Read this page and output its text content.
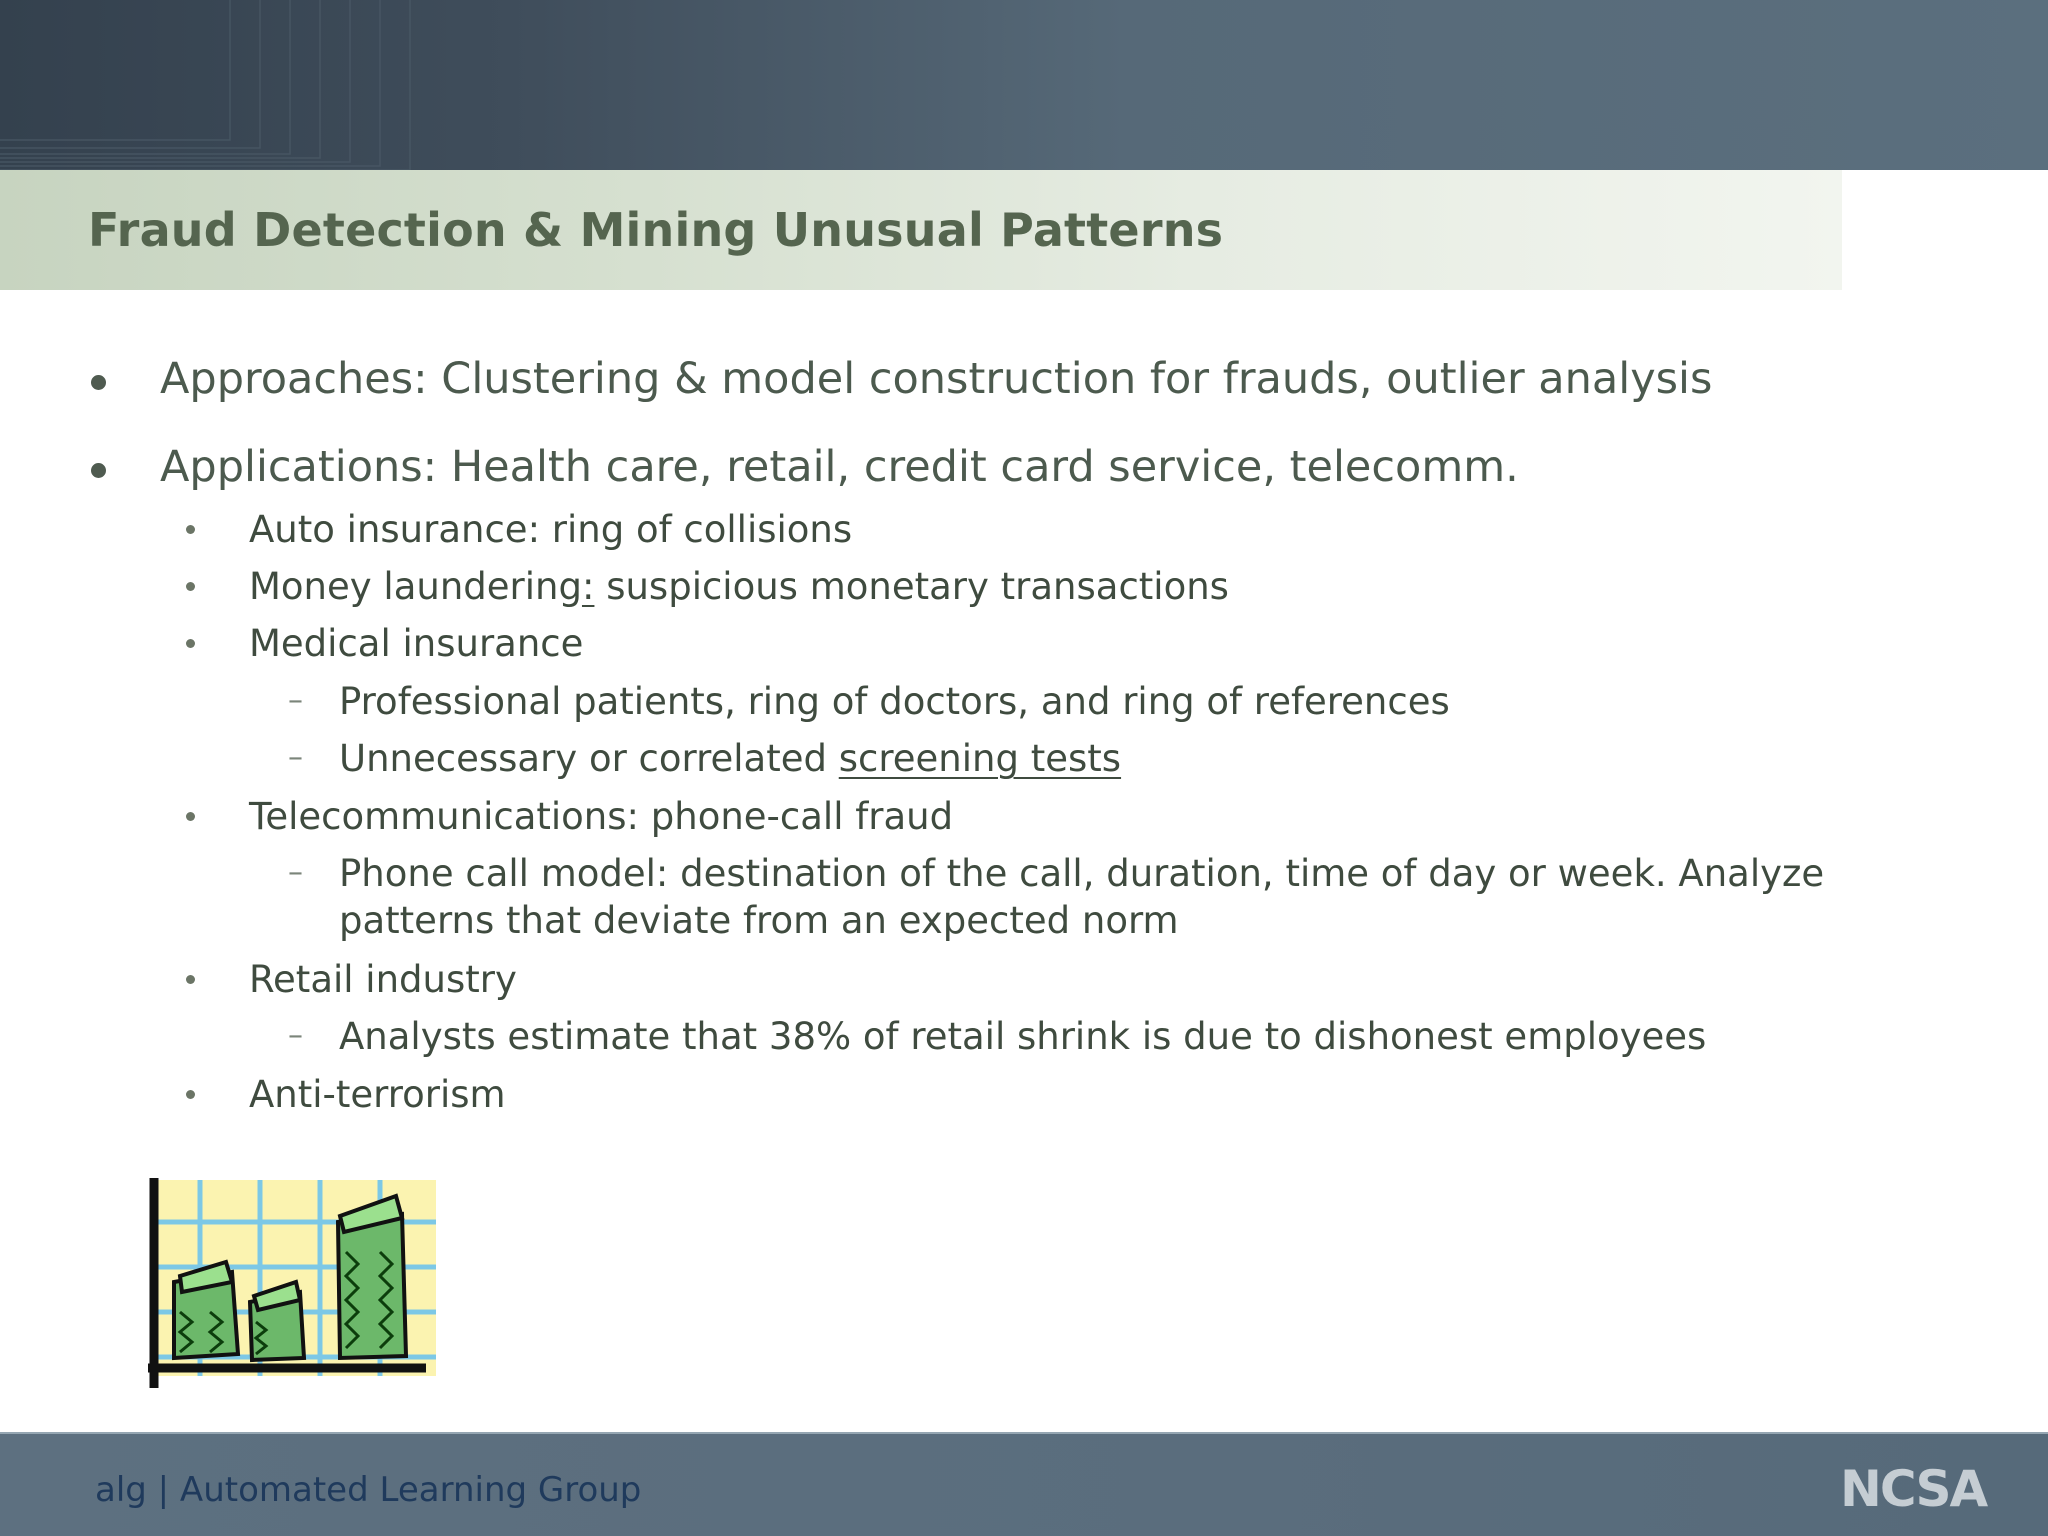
Fraud Detection & Mining Unusual Patterns
Approaches: Clustering & model construction for frauds, outlier analysis
Applications: Health care, retail, credit card service, telecomm.
Auto insurance: ring of collisions
Money laundering: suspicious monetary transactions
Medical insurance
– Professional patients, ring of doctors, and ring of references
– Unnecessary or correlated screening tests
Telecommunications: phone-call fraud
– Phone call model: destination of the call, duration, time of day or week. Analyze
patterns that deviate from an expected norm
Retail industry
– Analysts estimate that 38% of retail shrink is due to dishonest employees
Anti-terrorism
alg | Automated Learning Group	NCSA
